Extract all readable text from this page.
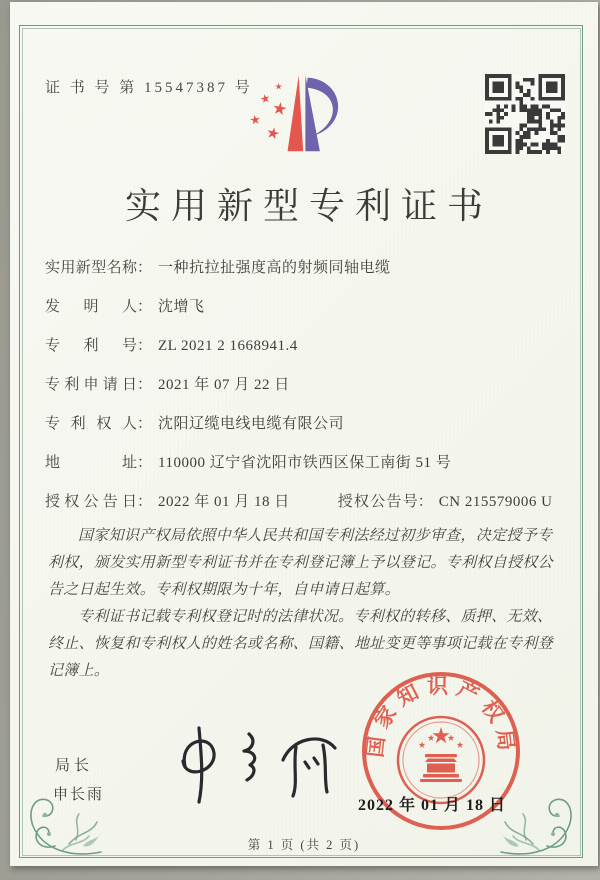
证 书 号 第 15547387 号
实用新型专利证书
实用新型名称： 一种抗拉扯强度高的射频同轴电缆
发明人： 沈增飞
专利号： ZL 2021 2 1668941.4
专利申请日： 2021 年 07 月 22 日
专利权人： 沈阳辽缆电线电缆有限公司
地址： 110000 辽宁省沈阳市铁西区保工南街 51 号
授权公告日： 2022 年 01 月 18 日	授权公告号： CN 215579006 U

国家知识产权局依照中华人民共和国专利法经过初步审查，决定授予专利权，颁发实用新型专利证书并在专利登记簿上予以登记。专利权自授权公告之日起生效。专利权期限为十年，自申请日起算。

专利证书记载专利权登记时的法律状况。专利权的转移、质押、无效、终止、恢复和专利权人的姓名或名称、国籍、地址变更等事项记载在专利登记簿上。

局长
申长雨
国家知识产权局
2022 年 01 月 18 日
第 1 页 (共 2 页)
